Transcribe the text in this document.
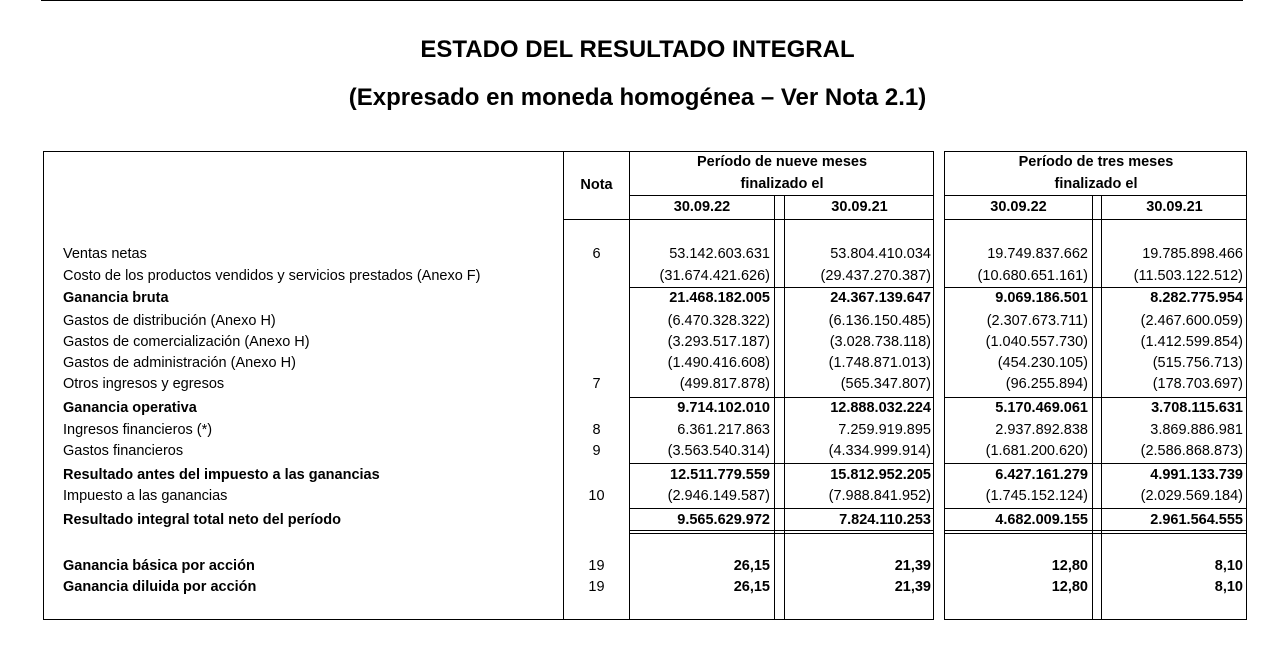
ESTADO DEL RESULTADO INTEGRAL
(Expresado en moneda homogénea – Ver Nota 2.1)
Nota
Período de nueve meses
finalizado el
Período de tres meses
finalizado el
30.09.22	30.09.21	30.09.22	30.09.21
Ventas netas	6	53.142.603.631	53.804.410.034	19.749.837.662	19.785.898.466
Costo de los productos vendidos y servicios prestados (Anexo F)	(31.674.421.626)	(29.437.270.387)	(10.680.651.161)	(11.503.122.512)
Ganancia bruta	21.468.182.005	24.367.139.647	9.069.186.501	8.282.775.954
Gastos de distribución (Anexo H)	(6.470.328.322)	(6.136.150.485)	(2.307.673.711)	(2.467.600.059)
Gastos de comercialización (Anexo H)	(3.293.517.187)	(3.028.738.118)	(1.040.557.730)	(1.412.599.854)
Gastos de administración (Anexo H)	(1.490.416.608)	(1.748.871.013)	(454.230.105)	(515.756.713)
Otros ingresos y egresos	7	(499.817.878)	(565.347.807)	(96.255.894)	(178.703.697)
Ganancia operativa	9.714.102.010	12.888.032.224	5.170.469.061	3.708.115.631
Ingresos financieros (*)	8	6.361.217.863	7.259.919.895	2.937.892.838	3.869.886.981
Gastos financieros	9	(3.563.540.314)	(4.334.999.914)	(1.681.200.620)	(2.586.868.873)
Resultado antes del impuesto a las ganancias	12.511.779.559	15.812.952.205	6.427.161.279	4.991.133.739
Impuesto a las ganancias	10	(2.946.149.587)	(7.988.841.952)	(1.745.152.124)	(2.029.569.184)
Resultado integral total neto del período	9.565.629.972	7.824.110.253	4.682.009.155	2.961.564.555
Ganancia básica por acción	19	26,15	21,39	12,80	8,10
Ganancia diluida por acción	19	26,15	21,39	12,80	8,10
